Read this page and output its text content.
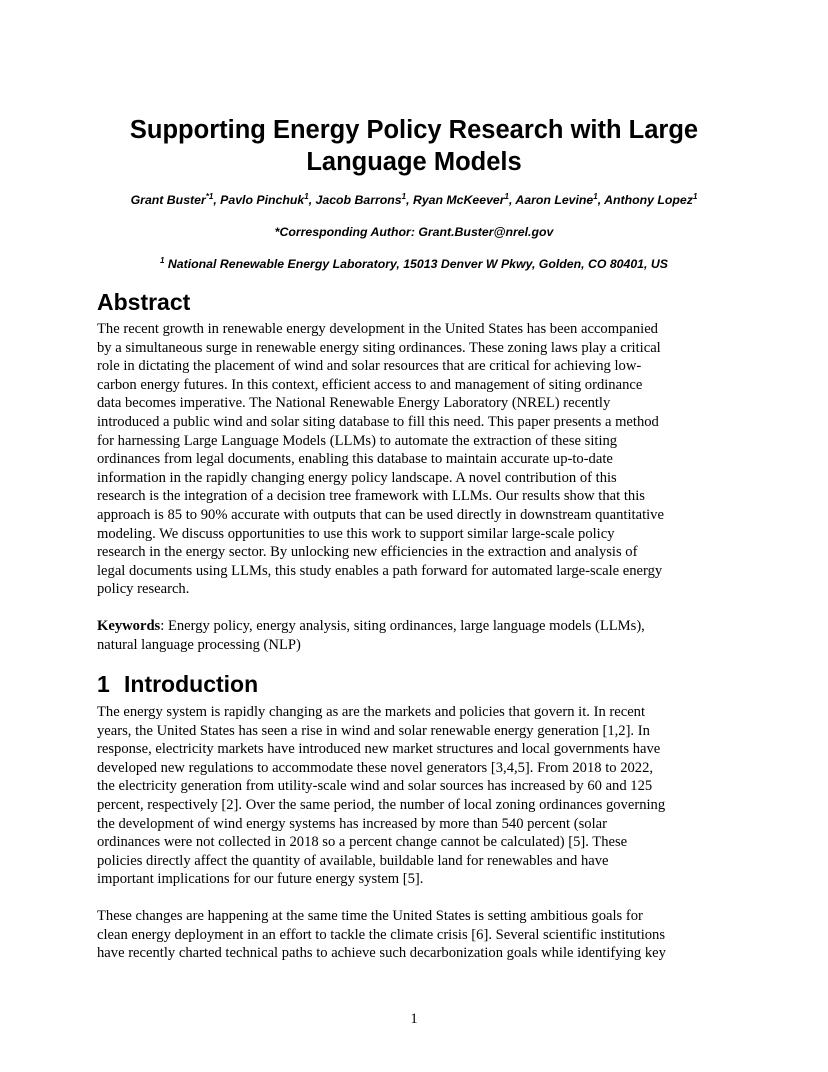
Supporting Energy Policy Research with Large
Language Models
Grant Buster$^{*1}$, Pavlo Pinchuk$^1$, Jacob Barrons$^1$, Ryan McKeever$^1$, Aaron Levine$^1$, Anthony Lopez$^1$
*Corresponding Author: Grant.Buster@nrel.gov
$^1$ National Renewable Energy Laboratory, 15013 Denver W Pkwy, Golden, CO 80401, US
Abstract
The recent growth in renewable energy development in the United States has been accompanied
by a simultaneous surge in renewable energy siting ordinances. These zoning laws play a critical
role in dictating the placement of wind and solar resources that are critical for achieving low-
carbon energy futures. In this context, efficient access to and management of siting ordinance
data becomes imperative. The National Renewable Energy Laboratory (NREL) recently
introduced a public wind and solar siting database to fill this need. This paper presents a method
for harnessing Large Language Models (LLMs) to automate the extraction of these siting
ordinances from legal documents, enabling this database to maintain accurate up-to-date
information in the rapidly changing energy policy landscape. A novel contribution of this
research is the integration of a decision tree framework with LLMs. Our results show that this
approach is 85 to 90% accurate with outputs that can be used directly in downstream quantitative
modeling. We discuss opportunities to use this work to support similar large-scale policy
research in the energy sector. By unlocking new efficiencies in the extraction and analysis of
legal documents using LLMs, this study enables a path forward for automated large-scale energy
policy research.
Keywords: Energy policy, energy analysis, siting ordinances, large language models (LLMs),
natural language processing (NLP)
1 Introduction
The energy system is rapidly changing as are the markets and policies that govern it. In recent
years, the United States has seen a rise in wind and solar renewable energy generation [1,2]. In
response, electricity markets have introduced new market structures and local governments have
developed new regulations to accommodate these novel generators [3,4,5]. From 2018 to 2022,
the electricity generation from utility-scale wind and solar sources has increased by 60 and 125
percent, respectively [2]. Over the same period, the number of local zoning ordinances governing
the development of wind energy systems has increased by more than 540 percent (solar
ordinances were not collected in 2018 so a percent change cannot be calculated) [5]. These
policies directly affect the quantity of available, buildable land for renewables and have
important implications for our future energy system [5].
These changes are happening at the same time the United States is setting ambitious goals for
clean energy deployment in an effort to tackle the climate crisis [6]. Several scientific institutions
have recently charted technical paths to achieve such decarbonization goals while identifying key
1
